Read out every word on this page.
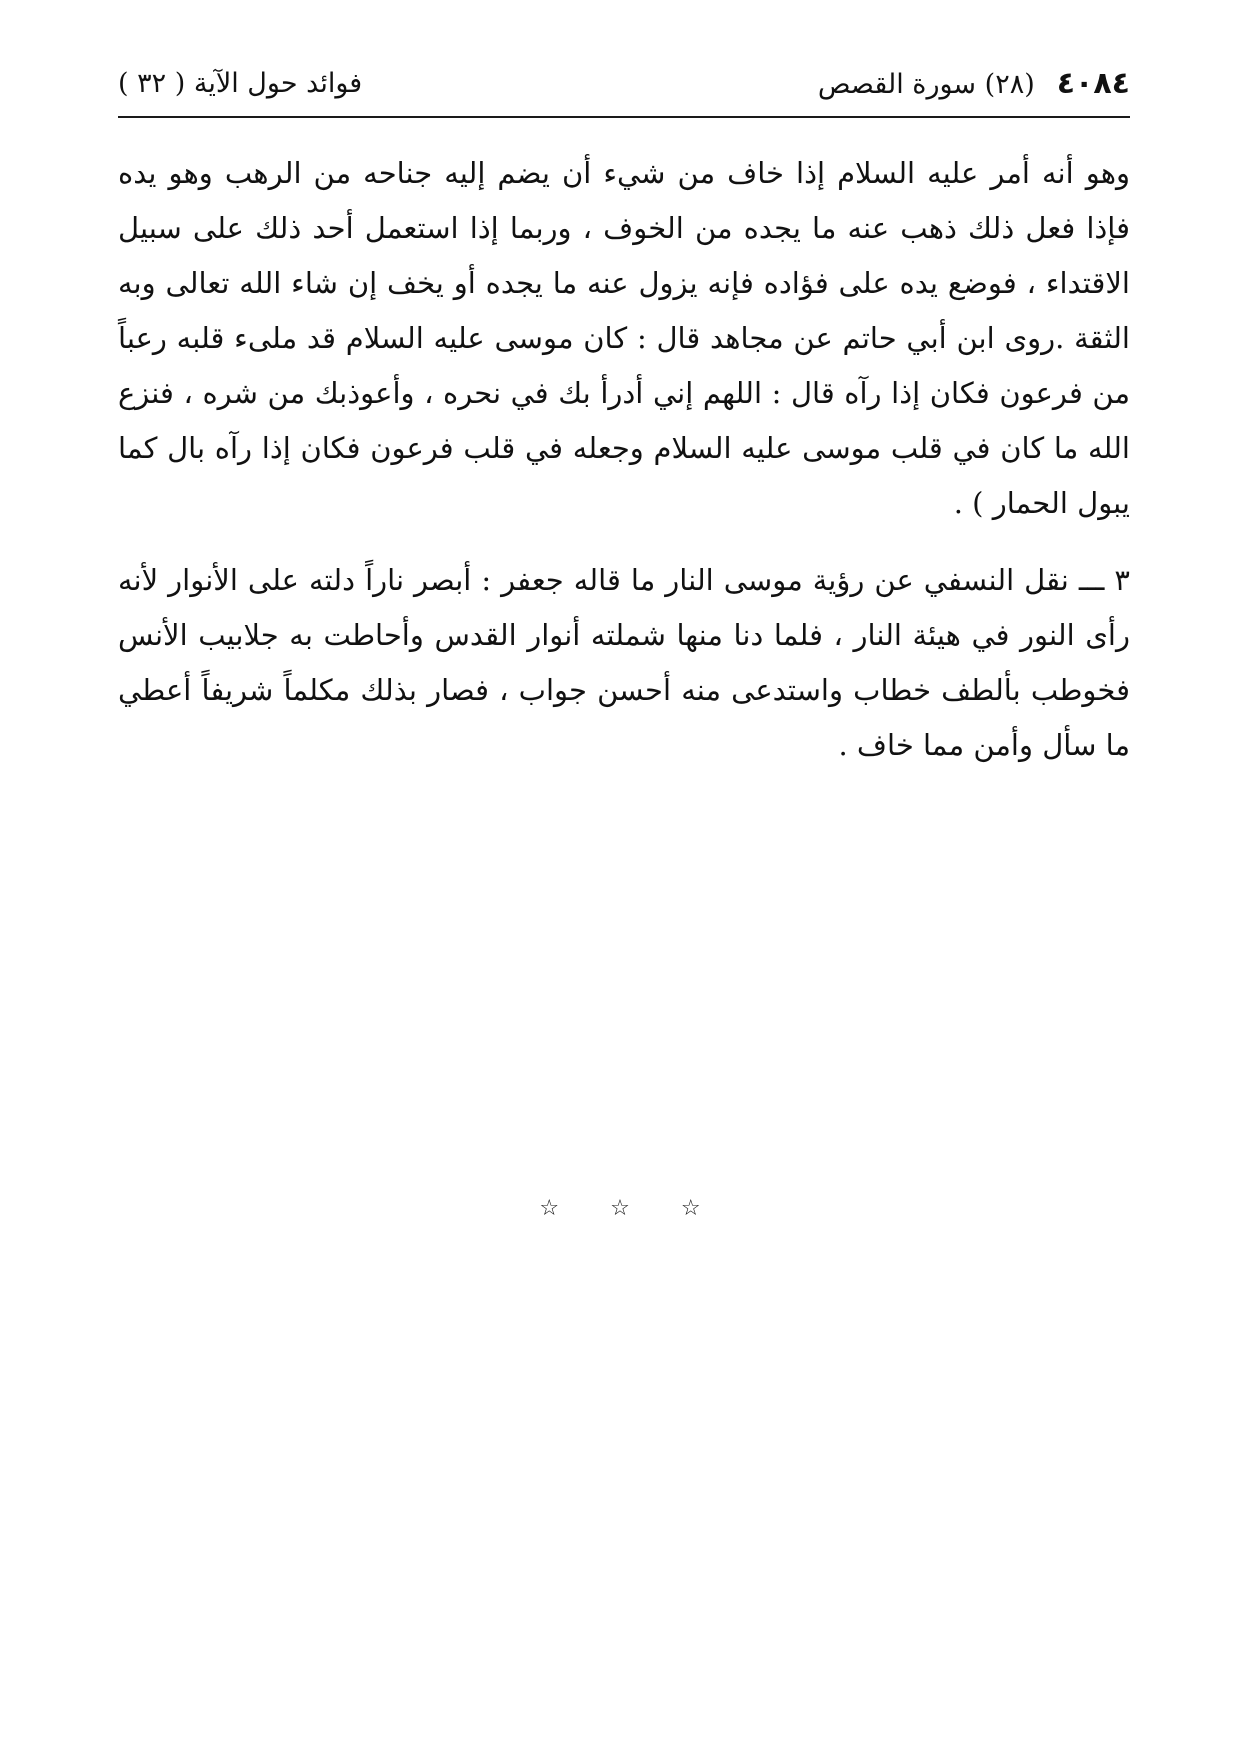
٤٠٨٤
(٢٨) سورة القصص
فوائد حول الآية ( ٣٢ )

وهو أنه أمر عليه السلام إذا خاف من شيء أن يضم إليه جناحه من الرهب وهو يده فإذا فعل ذلك ذهب عنه ما يجده من الخوف ، وربما إذا استعمل أحد ذلك على سبيل الاقتداء ، فوضع يده على فؤاده فإنه يزول عنه ما يجده أو يخف إن شاء الله تعالى وبه الثقة .روى ابن أبي حاتم عن مجاهد قال : كان موسى عليه السلام قد ملىء قلبه رعباً من فرعون فكان إذا رآه قال : اللهم إني أدرأ بك في نحره ، وأعوذبك من شره ، فنزع الله ما كان في قلب موسى عليه السلام وجعله في قلب فرعون فكان إذا رآه بال كما يبول الحمار ) .

٣ ـــ نقل النسفي عن رؤية موسى النار ما قاله جعفر : أبصر ناراً دلته على الأنوار لأنه رأى النور في هيئة النار ، فلما دنا منها شملته أنوار القدس وأحاطت به جلابيب الأنس فخوطب بألطف خطاب واستدعى منه أحسن جواب ، فصار بذلك مكلماً شريفاً أعطي ما سأل وأمن مما خاف .

☆ ☆ ☆
